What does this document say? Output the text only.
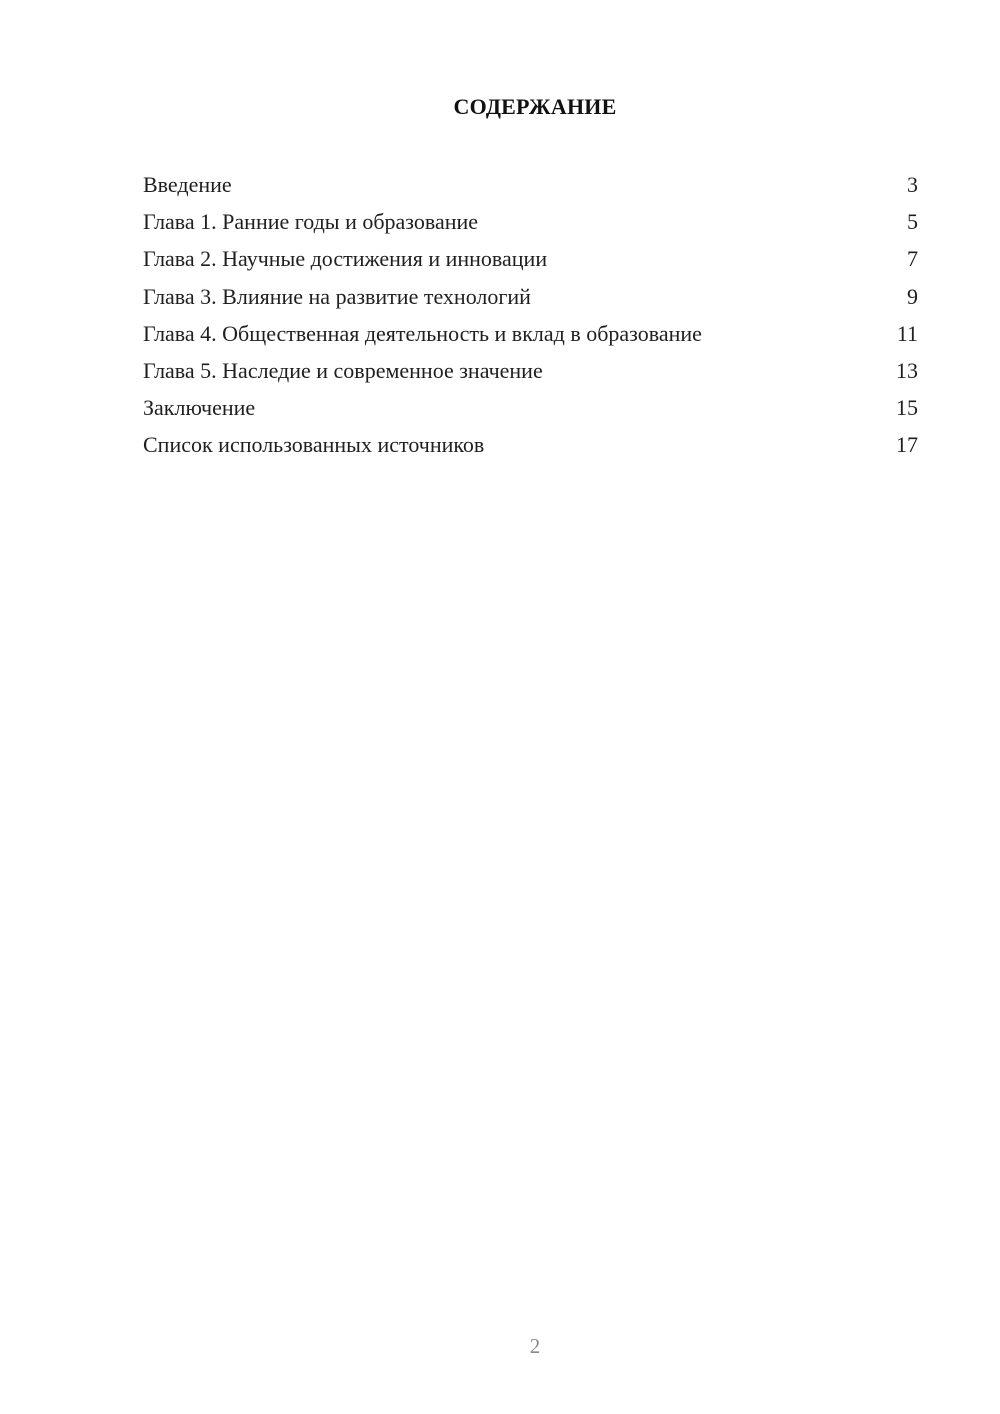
СОДЕРЖАНИЕ
Введение	3
Глава 1. Ранние годы и образование	5
Глава 2. Научные достижения и инновации	7
Глава 3. Влияние на развитие технологий	9
Глава 4. Общественная деятельность и вклад в образование	11
Глава 5. Наследие и современное значение	13
Заключение	15
Список использованных источников	17
2
